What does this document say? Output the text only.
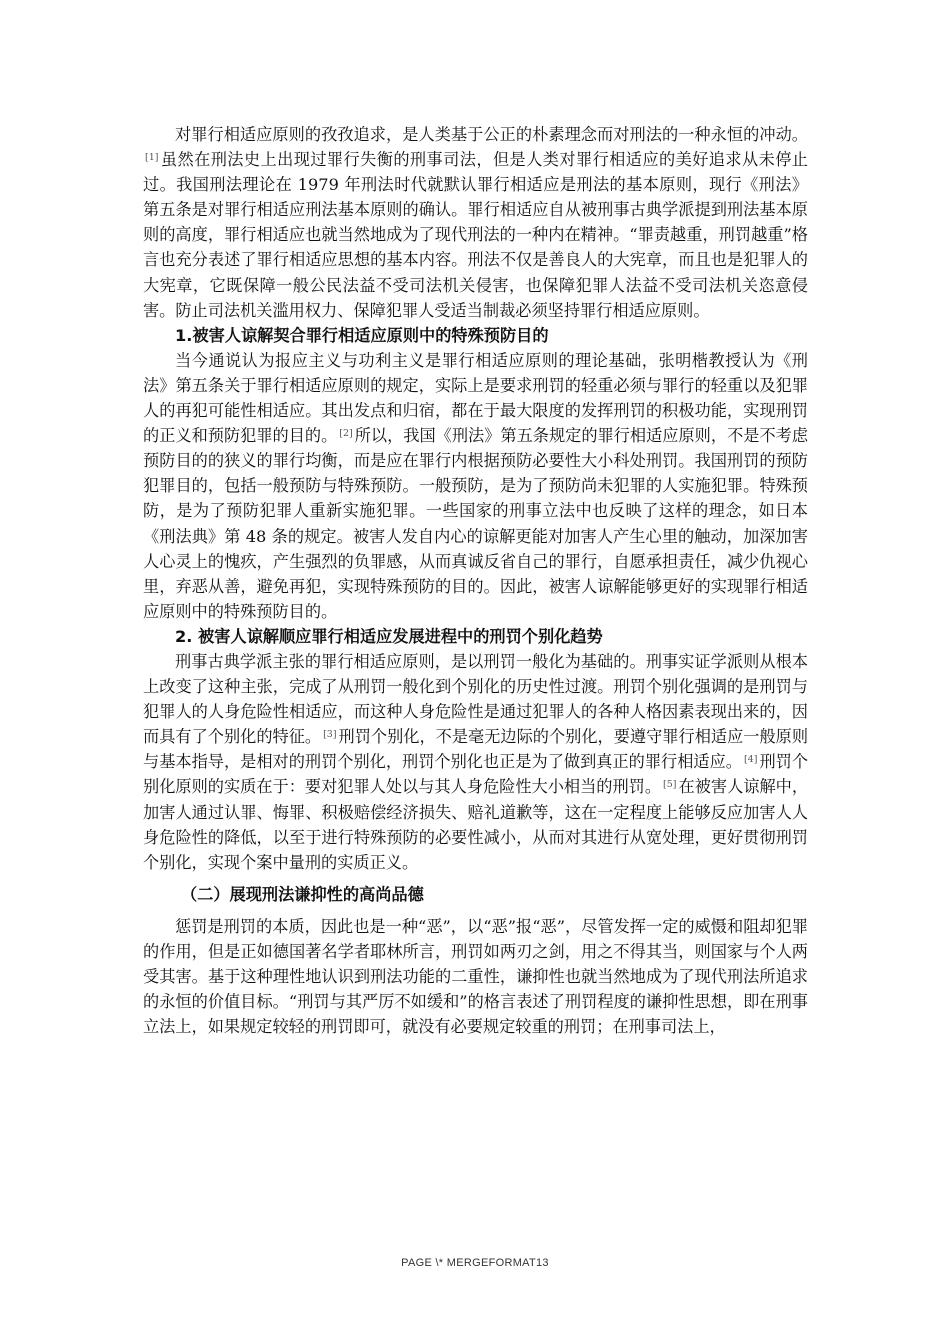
对罪行相适应原则的孜孜追求，是人类基于公正的朴素理念而对刑法的一种永恒的冲动。[1] 虽然在刑法史上出现过罪行失衡的刑事司法，但是人类对罪行相适应的美好追求从未停止过。我国刑法理论在 1979 年刑法时代就默认罪行相适应是刑法的基本原则，现行《刑法》第五条是对罪行相适应刑法基本原则的确认。罪行相适应自从被刑事古典学派提到刑法基本原则的高度，罪行相适应也就当然地成为了现代刑法的一种内在精神。“罪责越重，刑罚越重”格言也充分表述了罪行相适应思想的基本内容。刑法不仅是善良人的大宪章，而且也是犯罪人的大宪章，它既保障一般公民法益不受司法机关侵害，也保障犯罪人法益不受司法机关恣意侵害。防止司法机关滥用权力、保障犯罪人受适当制裁必须坚持罪行相适应原则。

1.被害人谅解契合罪行相适应原则中的特殊预防目的

当今通说认为报应主义与功利主义是罪行相适应原则的理论基础，张明楷教授认为《刑法》第五条关于罪行相适应原则的规定，实际上是要求刑罚的轻重必须与罪行的轻重以及犯罪人的再犯可能性相适应。其出发点和归宿，都在于最大限度的发挥刑罚的积极功能，实现刑罚的正义和预防犯罪的目的。 [2] 所以，我国《刑法》第五条规定的罪行相适应原则，不是不考虑预防目的的狭义的罪行均衡，而是应在罪行内根据预防必要性大小科处刑罚。我国刑罚的预防犯罪目的，包括一般预防与特殊预防。一般预防，是为了预防尚未犯罪的人实施犯罪。特殊预防，是为了预防犯罪人重新实施犯罪。一些国家的刑事立法中也反映了这样的理念，如日本《刑法典》第 48 条的规定。被害人发自内心的谅解更能对加害人产生心里的触动，加深加害人心灵上的愧疚，产生强烈的负罪感，从而真诚反省自己的罪行，自愿承担责任，减少仇视心里，弃恶从善，避免再犯，实现特殊预防的目的。因此，被害人谅解能够更好的实现罪行相适应原则中的特殊预防目的。

2. 被害人谅解顺应罪行相适应发展进程中的刑罚个别化趋势

刑事古典学派主张的罪行相适应原则，是以刑罚一般化为基础的。刑事实证学派则从根本上改变了这种主张，完成了从刑罚一般化到个别化的历史性过渡。刑罚个别化强调的是刑罚与犯罪人的人身危险性相适应，而这种人身危险性是通过犯罪人的各种人格因素表现出来的，因而具有了个别化的特征。 [3] 刑罚个别化，不是毫无边际的个别化，要遵守罪行相适应一般原则与基本指导，是相对的刑罚个别化，刑罚个别化也正是为了做到真正的罪行相适应。 [4] 刑罚个别化原则的实质在于：要对犯罪人处以与其人身危险性大小相当的刑罚。 [5] 在被害人谅解中，加害人通过认罪、悔罪、积极赔偿经济损失、赔礼道歉等，这在一定程度上能够反应加害人人身危险性的降低，以至于进行特殊预防的必要性减小，从而对其进行从宽处理，更好贯彻刑罚个别化，实现个案中量刑的实质正义。

（二）展现刑法谦抑性的高尚品德

惩罚是刑罚的本质，因此也是一种“恶”，以“恶”报“恶”，尽管发挥一定的威慑和阻却犯罪的作用，但是正如德国著名学者耶林所言，刑罚如两刃之剑，用之不得其当，则国家与个人两受其害。基于这种理性地认识到刑法功能的二重性，谦抑性也就当然地成为了现代刑法所追求的永恒的价值目标。“刑罚与其严厉不如缓和”的格言表述了刑罚程度的谦抑性思想，即在刑事立法上，如果规定较轻的刑罚即可，就没有必要规定较重的刑罚；在刑事司法上，

PAGE \* MERGEFORMAT13
